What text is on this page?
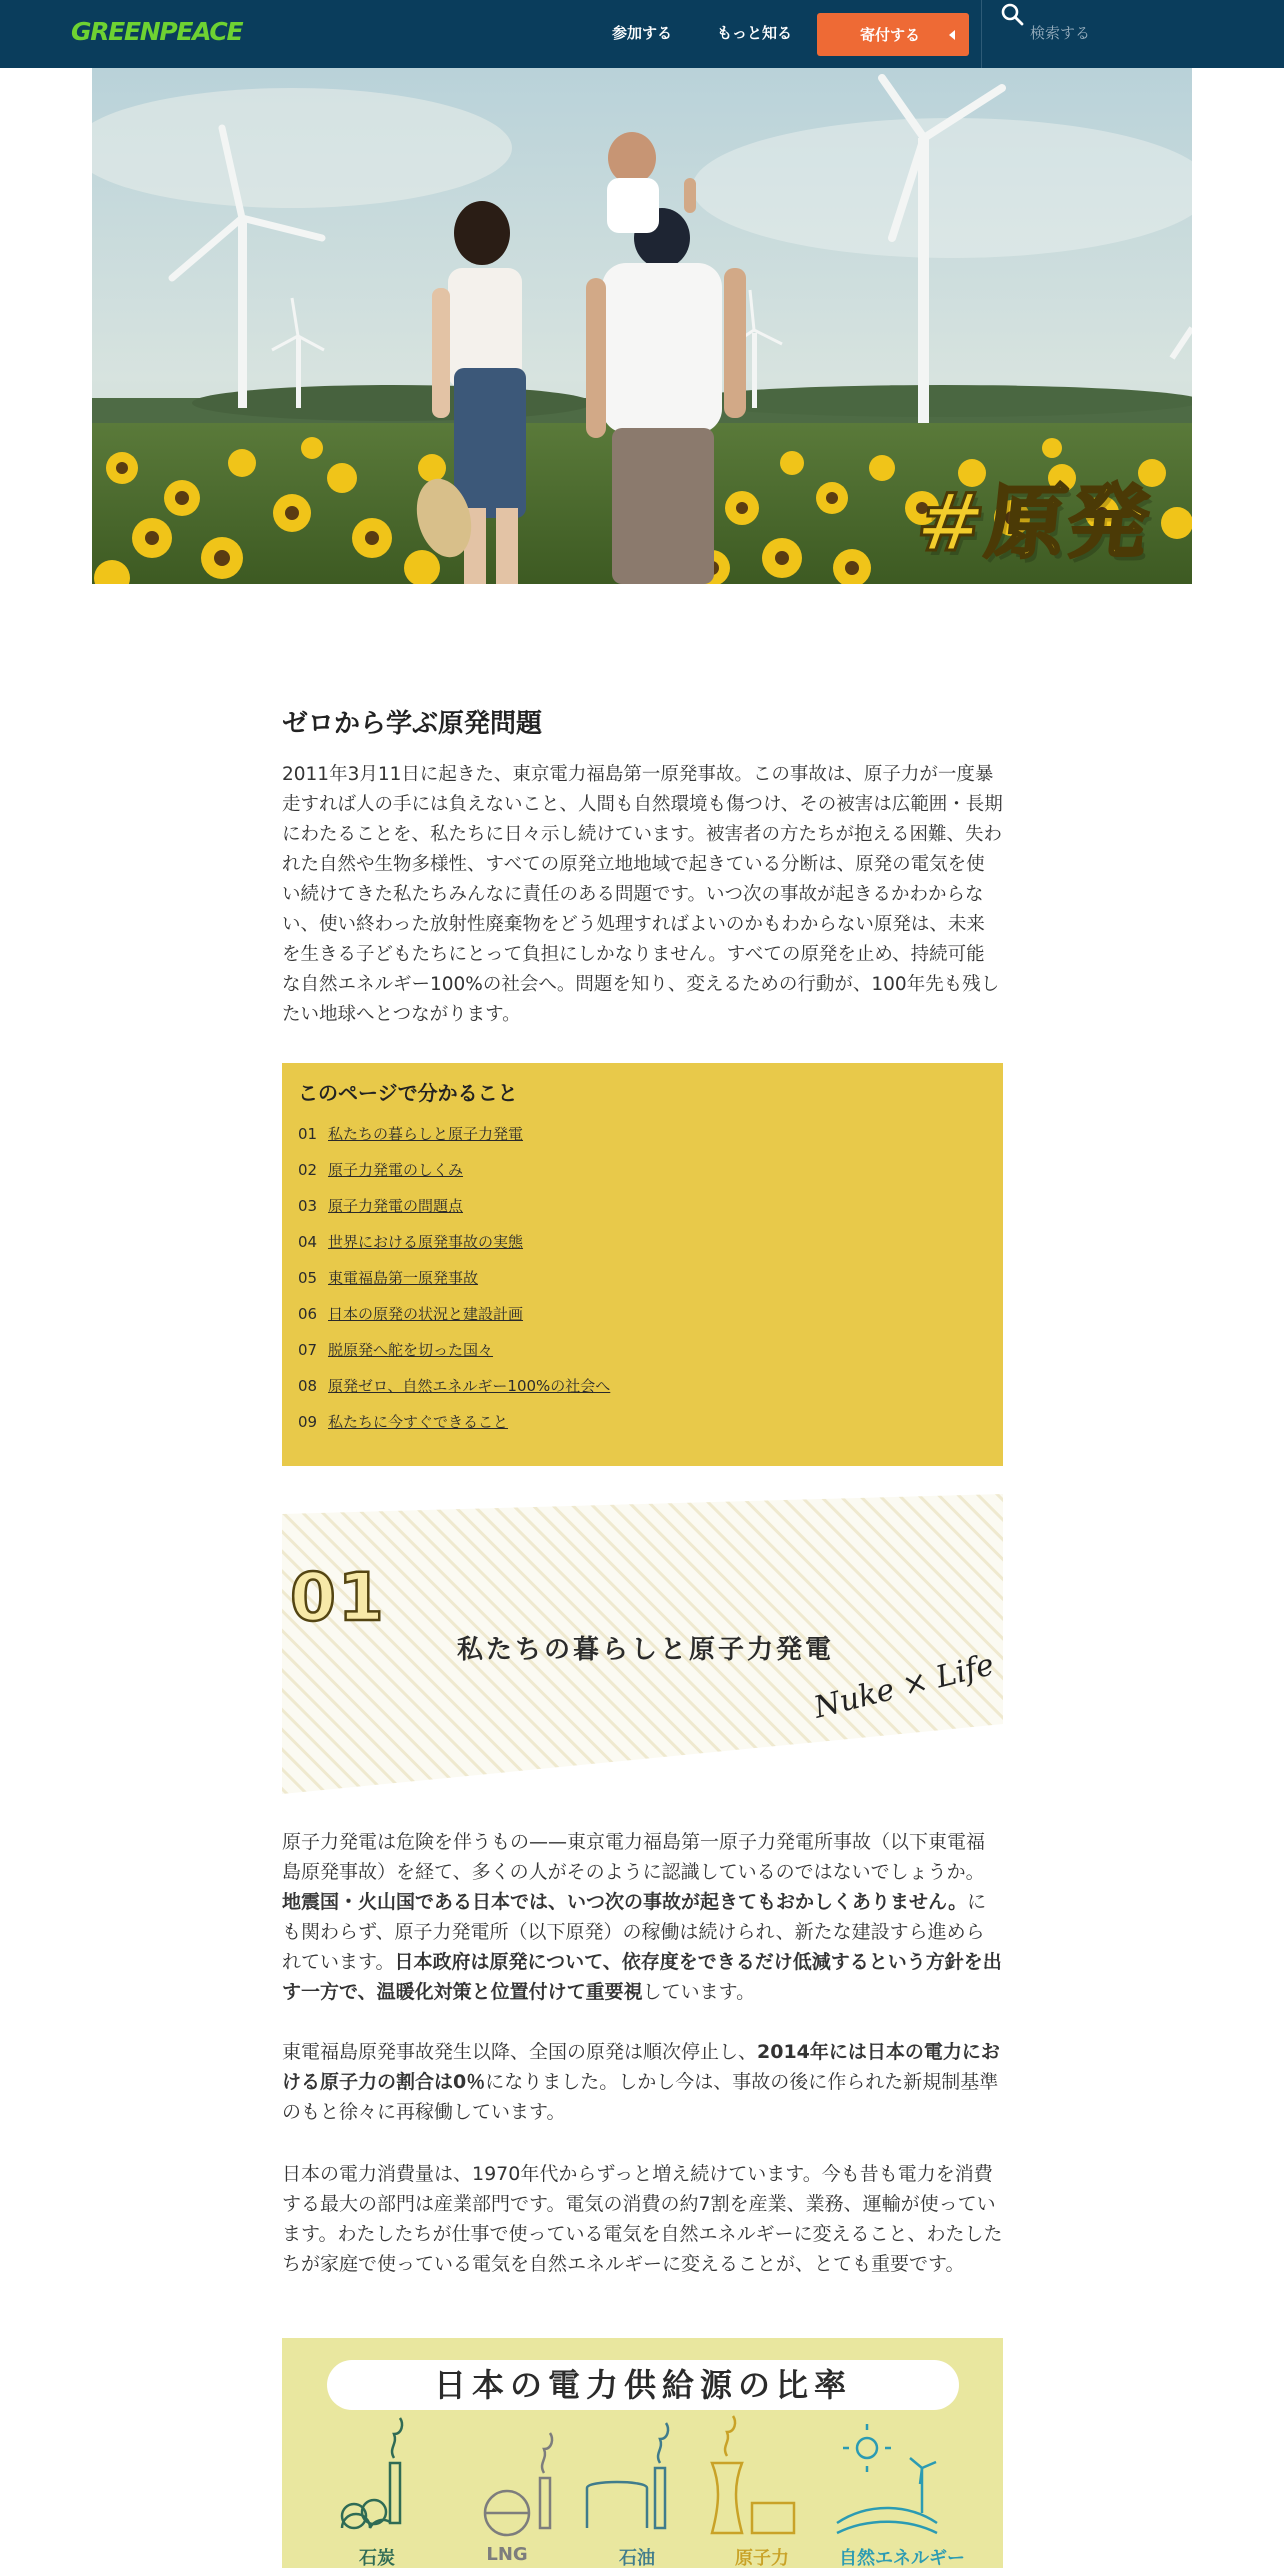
GREENPEACE	参加する	もっと知る	寄付する
検索する
#原発
ゼロから学ぶ原発問題

2011年3月11日に起きた、東京電力福島第一原発事故。この事故は、原子力が一度暴走すれば人の手には負えないこと、人間も自然環境も傷つけ、その被害は広範囲・長期にわたることを、私たちに日々示し続けています。被害者の方たちが抱える困難、失われた自然や生物多様性、すべての原発立地地域で起きている分断は、原発の電気を使い続けてきた私たちみんなに責任のある問題です。いつ次の事故が起きるかわからない、使い終わった放射性廃棄物をどう処理すればよいのかもわからない原発は、未来を生きる子どもたちにとって負担にしかなりません。すべての原発を止め、持続可能な自然エネルギー100%の社会へ。問題を知り、変えるための行動が、100年先も残したい地球へとつながります。

このページで分かること
01 私たちの暮らしと原子力発電
02 原子力発電のしくみ
03 原子力発電の問題点
04 世界における原発事故の実態
05 東電福島第一原発事故
06 日本の原発の状況と建設計画
07 脱原発へ舵を切った国々
08 原発ゼロ、自然エネルギー100%の社会へ
09 私たちに今すぐできること
01
私たちの暮らしと原子力発電
Nuke × Life

原子力発電は危険を伴うもの——東京電力福島第一原子力発電所事故（以下東電福島原発事故）を経て、多くの人がそのように認識しているのではないでしょうか。地震国・火山国である日本では、いつ次の事故が起きてもおかしくありません。にも関わらず、原子力発電所（以下原発）の稼働は続けられ、新たな建設すら進められています。日本政府は原発について、依存度をできるだけ低減するという方針を出す一方で、温暖化対策と位置付けて重要視しています。

東電福島原発事故発生以降、全国の原発は順次停止し、2014年には日本の電力における原子力の割合は0％になりました。しかし今は、事故の後に作られた新規制基準のもと徐々に再稼働しています。

日本の電力消費量は、1970年代からずっと増え続けています。今も昔も電力を消費する最大の部門は産業部門です。電気の消費の約7割を産業、業務、運輸が使っています。わたしたちが仕事で使っている電気を自然エネルギーに変えること、わたしたちが家庭で使っている電気を自然エネルギーに変えることが、とても重要です。

日本の電力供給源の比率
石炭	LNG	石油	原子力	自然エネルギー
